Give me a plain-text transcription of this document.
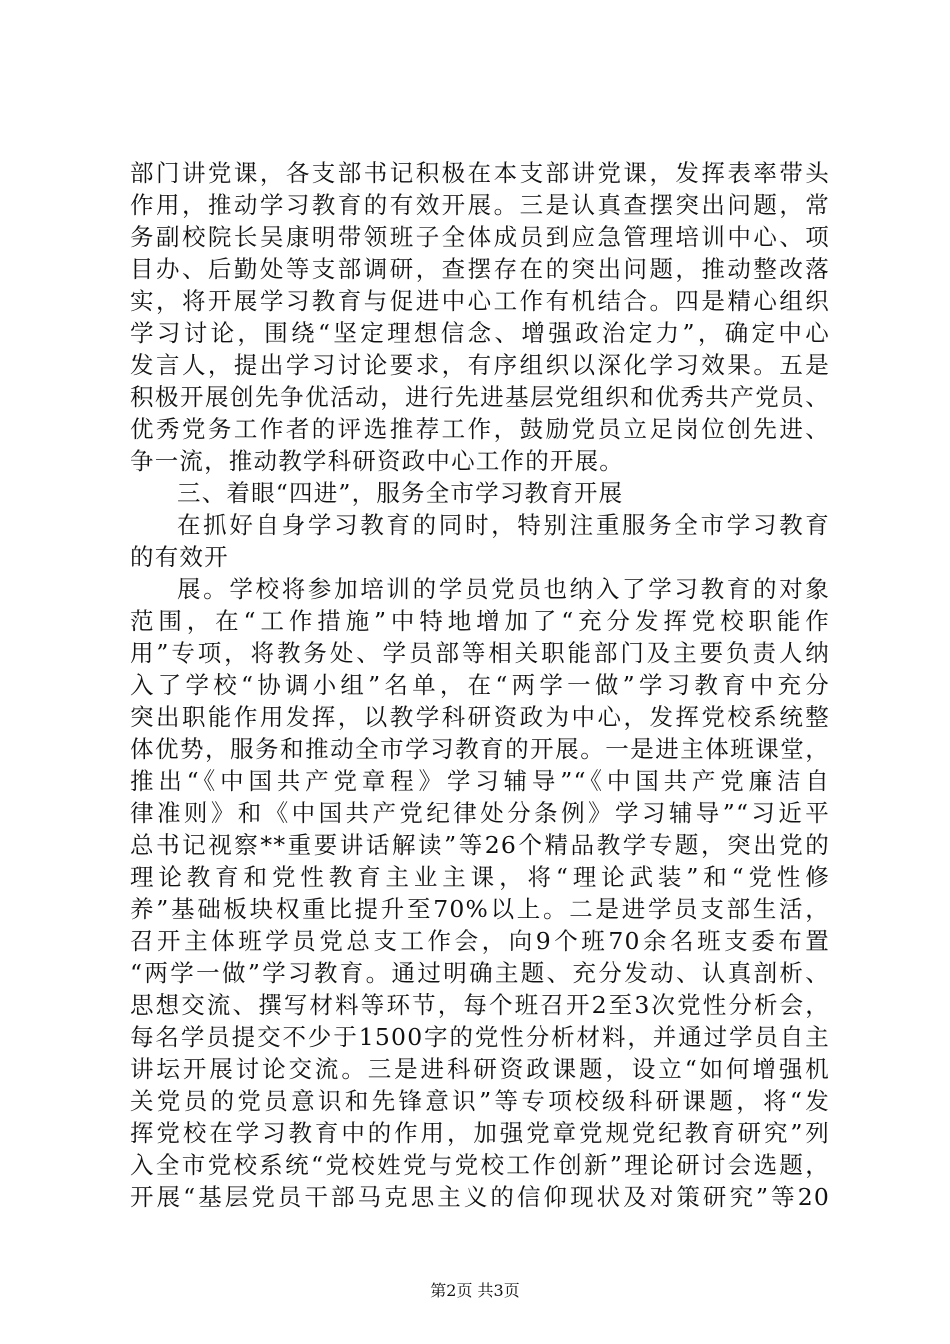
部门讲党课，各支部书记积极在本支部讲党课，发挥表率带头
作用，推动学习教育的有效开展。三是认真查摆突出问题，常
务副校院长吴康明带领班子全体成员到应急管理培训中心、项
目办、后勤处等支部调研，查摆存在的突出问题，推动整改落
实，将开展学习教育与促进中心工作有机结合。四是精心组织
学习讨论，围绕“坚定理想信念、增强政治定力”，确定中心
发言人，提出学习讨论要求，有序组织以深化学习效果。五是
积极开展创先争优活动，进行先进基层党组织和优秀共产党员、
优秀党务工作者的评选推荐工作，鼓励党员立足岗位创先进、
争一流，推动教学科研资政中心工作的开展。
三、着眼“四进”，服务全市学习教育开展
在抓好自身学习教育的同时，特别注重服务全市学习教育
的有效开
展。学校将参加培训的学员党员也纳入了学习教育的对象
范围，在“工作措施”中特地增加了“充分发挥党校职能作
用”专项，将教务处、学员部等相关职能部门及主要负责人纳
入了学校“协调小组”名单，在“两学一做”学习教育中充分
突出职能作用发挥，以教学科研资政为中心，发挥党校系统整
体优势，服务和推动全市学习教育的开展。一是进主体班课堂，
推出“《中国共产党章程》学习辅导”“《中国共产党廉洁自
律准则》和《中国共产党纪律处分条例》学习辅导”“习近平
总书记视察**重要讲话解读”等26个精品教学专题，突出党的
理论教育和党性教育主业主课，将“理论武装”和“党性修
养”基础板块权重比提升至70%以上。二是进学员支部生活，
召开主体班学员党总支工作会，向9个班70余名班支委布置
“两学一做”学习教育。通过明确主题、充分发动、认真剖析、
思想交流、撰写材料等环节，每个班召开2至3次党性分析会，
每名学员提交不少于1500字的党性分析材料，并通过学员自主
讲坛开展讨论交流。三是进科研资政课题，设立“如何增强机
关党员的党员意识和先锋意识”等专项校级科研课题，将“发
挥党校在学习教育中的作用，加强党章党规党纪教育研究”列
入全市党校系统“党校姓党与党校工作创新”理论研讨会选题，
开展“基层党员干部马克思主义的信仰现状及对策研究”等20
第2页 共3页
